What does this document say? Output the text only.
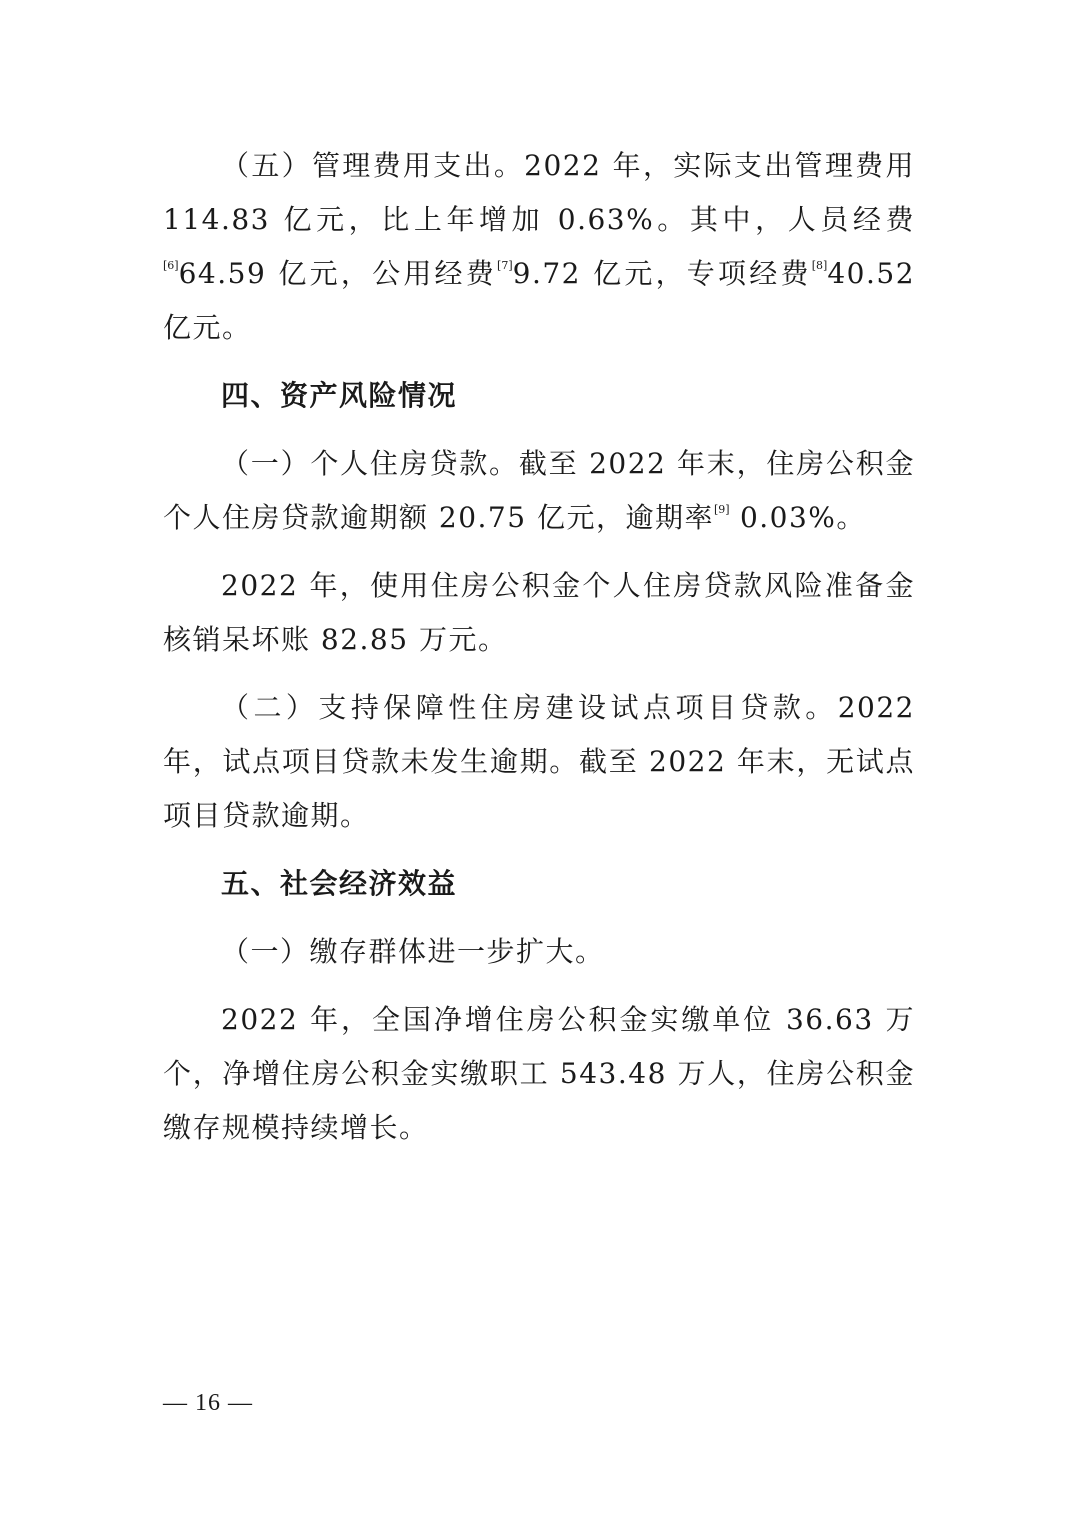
（五）管理费用支出。2022 年，实际支出管理费用 114.83 亿元，比上年增加 0.63%。其中，人员经费[6]64.59 亿元，公用经费[7]9.72 亿元，专项经费[8]40.52 亿元。

四、资产风险情况

（一）个人住房贷款。截至 2022 年末，住房公积金个人住房贷款逾期额 20.75 亿元，逾期率[9] 0.03%。

2022 年，使用住房公积金个人住房贷款风险准备金核销呆坏账 82.85 万元。

（二）支持保障性住房建设试点项目贷款。2022 年，试点项目贷款未发生逾期。截至 2022 年末，无试点项目贷款逾期。

五、社会经济效益

（一）缴存群体进一步扩大。

2022 年，全国净增住房公积金实缴单位 36.63 万个，净增住房公积金实缴职工 543.48 万人，住房公积金缴存规模持续增长。

— 16 —
